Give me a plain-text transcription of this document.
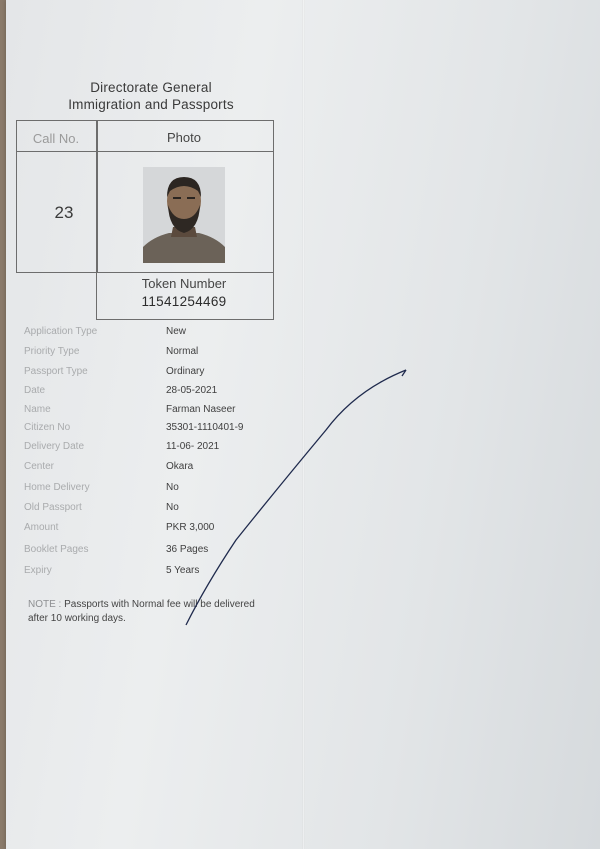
Directorate General
Immigration and Passports
Call No.	Photo
23
Token Number
11541254469
Application Type	New
Priority Type	Normal
Passport Type	Ordinary
Date	28-05-2021
Name	Farman Naseer
Citizen No	35301-1110401-9
Delivery Date	11-06- 2021
Center	Okara
Home Delivery	No
Old Passport	No
Amount	PKR 3,000
Booklet Pages	36 Pages
Expiry	5 Years
NOTE : Passports with Normal fee will be delivered after 10 working days.
